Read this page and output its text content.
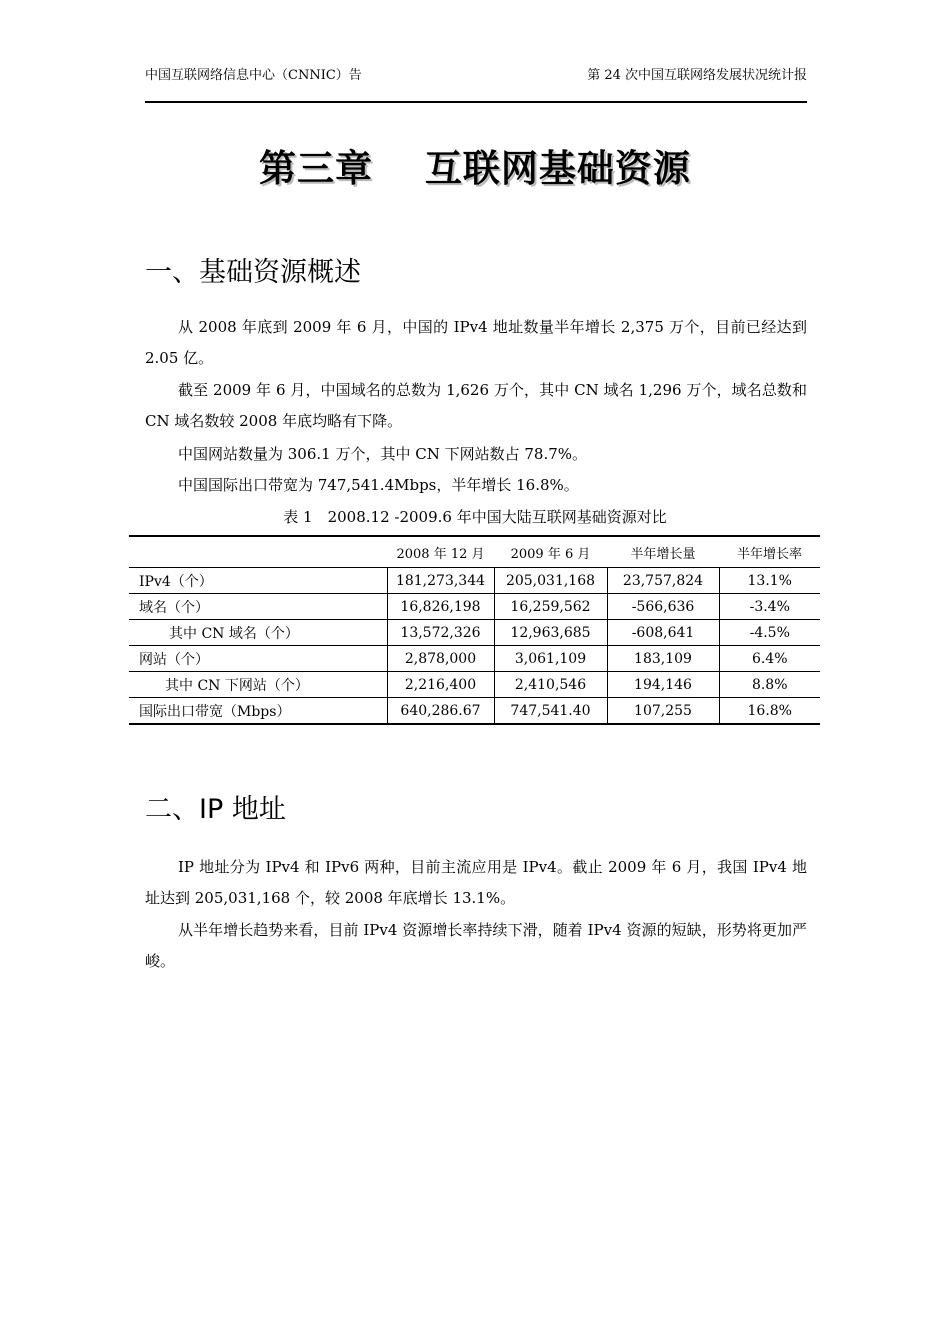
中国互联网络信息中心（CNNIC）告	第 24 次中国互联网络发展状况统计报
第三章　 互联网基础资源
一、基础资源概述
从 2008 年底到 2009 年 6 月，中国的 IPv4 地址数量半年增长 2,375 万个，目前已经达到 2.05 亿。
截至 2009 年 6 月，中国域名的总数为 1,626 万个，其中 CN 域名 1,296 万个，域名总数和 CN 域名数较 2008 年底均略有下降。
中国网站数量为 306.1 万个，其中 CN 下网站数占 78.7%。
中国国际出口带宽为 747,541.4Mbps，半年增长 16.8%。
表 1　2008.12 -2009.6 年中国大陆互联网基础资源对比
	2008 年 12 月	2009 年 6 月	半年增长量	半年增长率
IPv4（个）	181,273,344	205,031,168	23,757,824	13.1%
域名（个）	16,826,198	16,259,562	-566,636	-3.4%
其中 CN 域名（个）	13,572,326	12,963,685	-608,641	-4.5%
网站（个）	2,878,000	3,061,109	183,109	6.4%
其中 CN 下网站（个）	2,216,400	2,410,546	194,146	8.8%
国际出口带宽（Mbps）	640,286.67	747,541.40	107,255	16.8%
二、IP 地址
IP 地址分为 IPv4 和 IPv6 两种，目前主流应用是 IPv4。截止 2009 年 6 月，我国 IPv4 地址达到 205,031,168 个，较 2008 年底增长 13.1%。
从半年增长趋势来看，目前 IPv4 资源增长率持续下滑，随着 IPv4 资源的短缺，形势将更加严峻。
